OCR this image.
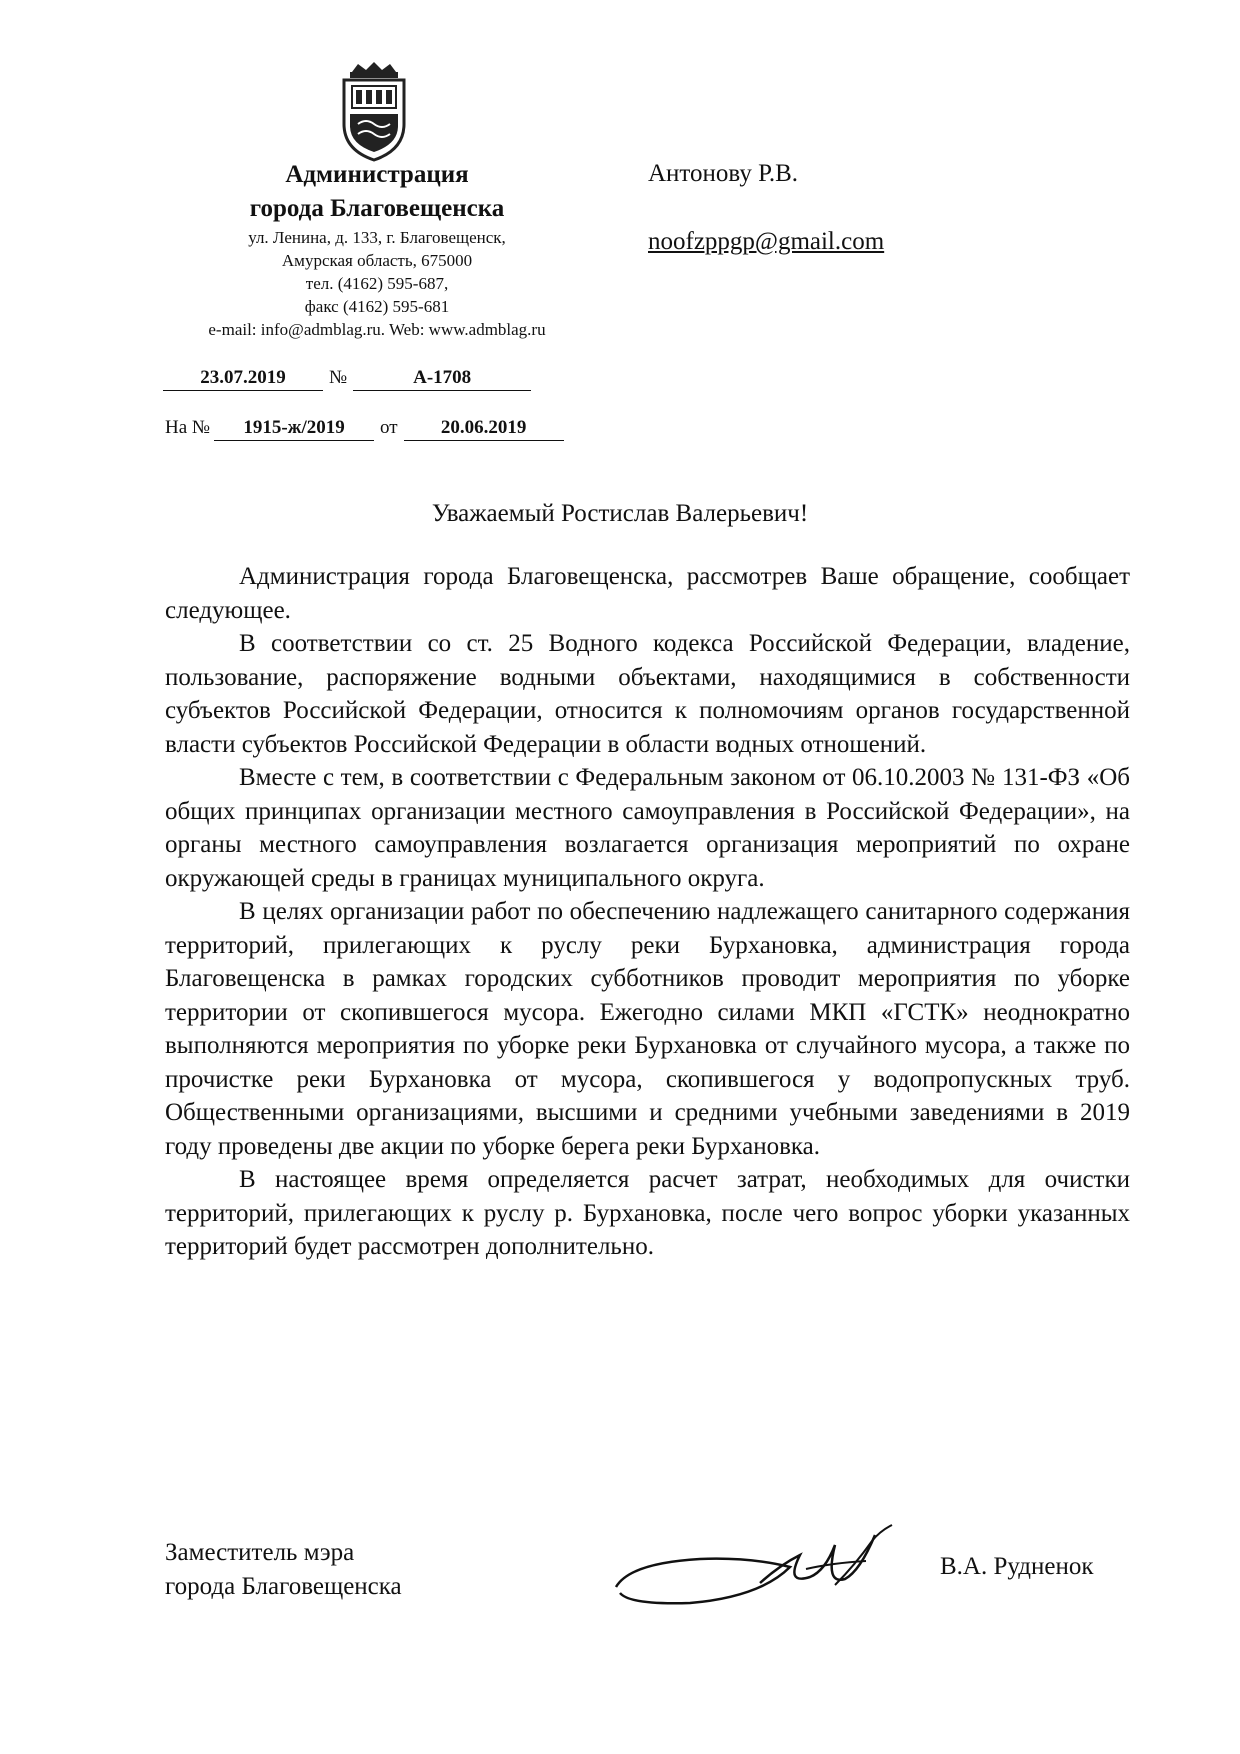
Администрация
города Благовещенска
ул. Ленина, д. 133, г. Благовещенск,
Амурская область, 675000
тел. (4162) 595-687,
факс (4162) 595-681
e-mail: info@admblag.ru. Web: www.admblag.ru
Антонову Р.В.
noofzppgp@gmail.com
23.07.2019 №	А-1708
На № 1915-ж/2019 от 20.06.2019
Уважаемый Ростислав Валерьевич!

Администрация города Благовещенска, рассмотрев Ваше обращение, сообщает следующее.

В соответствии со ст. 25 Водного кодекса Российской Федерации, владение, пользование, распоряжение водными объектами, находящимися в собственности субъектов Российской Федерации, относится к полномочиям органов государственной власти субъектов Российской Федерации в области водных отношений.

Вместе с тем, в соответствии с Федеральным законом от 06.10.2003 № 131-ФЗ «Об общих принципах организации местного самоуправления в Российской Федерации», на органы местного самоуправления возлагается организация мероприятий по охране окружающей среды в границах муниципального округа.

В целях организации работ по обеспечению надлежащего санитарного содержания территорий, прилегающих к руслу реки Бурхановка, администрация города Благовещенска в рамках городских субботников проводит мероприятия по уборке территории от скопившегося мусора. Ежегодно силами МКП «ГСТК» неоднократно выполняются мероприятия по уборке реки Бурхановка от случайного мусора, а также по прочистке реки Бурхановка от мусора, скопившегося у водопропускных труб. Общественными организациями, высшими и средними учебными заведениями в 2019 году проведены две акции по уборке берега реки Бурхановка.

В настоящее время определяется расчет затрат, необходимых для очистки территорий, прилегающих к руслу р. Бурхановка, после чего вопрос уборки указанных территорий будет рассмотрен дополнительно.

Заместитель мэра
города Благовещенска
В.А. Рудненок
